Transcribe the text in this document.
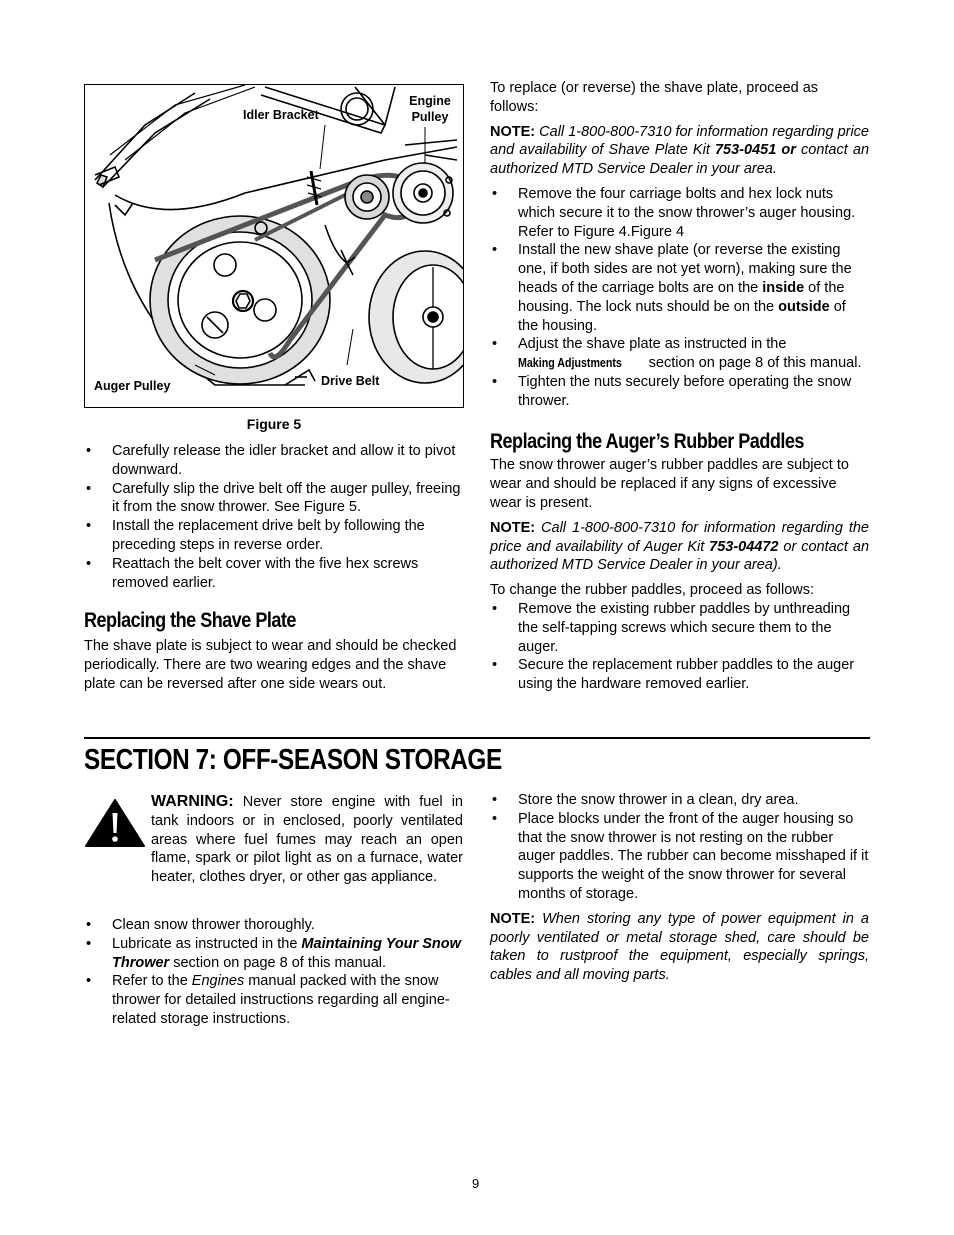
Idler Bracket
Engine Pulley
Auger Pulley	Drive Belt
Figure 5
• Carefully release the idler bracket and allow it to pivot downward.
• Carefully slip the drive belt off the auger pulley, freeing it from the snow thrower. See Figure 5.
• Install the replacement drive belt by following the preceding steps in reverse order.
• Reattach the belt cover with the five hex screws removed earlier.
Replacing the Shave Plate

The shave plate is subject to wear and should be checked periodically. There are two wearing edges and the shave plate can be reversed after one side wears out.

To replace (or reverse) the shave plate, proceed as follows:

NOTE: Call 1-800-800-7310 for information regarding price and availability of Shave Plate Kit 753-0451 or contact an authorized MTD Service Dealer in your area.

• Remove the four carriage bolts and hex lock nuts which secure it to the snow thrower’s auger housing. Refer to Figure 4.Figure 4
• Install the new shave plate (or reverse the existing one, if both sides are not yet worn), making sure the heads of the carriage bolts are on the inside of the housing. The lock nuts should be on the outside of the housing.
• Adjust the shave plate as instructed in the Making Adjustments section on page 8 of this manual.
• Tighten the nuts securely before operating the snow thrower.
Replacing the Auger’s Rubber Paddles

The snow thrower auger’s rubber paddles are subject to wear and should be replaced if any signs of excessive wear is present.

NOTE: Call 1-800-800-7310 for information regarding the price and availability of Auger Kit 753-04472 or contact an authorized MTD Service Dealer in your area).

To change the rubber paddles, proceed as follows:

• Remove the existing rubber paddles by unthreading the self-tapping screws which secure them to the auger.
• Secure the replacement rubber paddles to the auger using the hardware removed earlier.
SECTION 7: OFF-SEASON STORAGE
WARNING: Never store engine with fuel in tank indoors or in enclosed, poorly ventilated areas where fuel fumes may reach an open flame, spark or pilot light as on a furnace, water heater, clothes dryer, or other gas appliance.
• Clean snow thrower thoroughly.
• Lubricate as instructed in the Maintaining Your Snow Thrower section on page 8 of this manual.
• Refer to the Engines manual packed with the snow thrower for detailed instructions regarding all engine-related storage instructions.
• Store the snow thrower in a clean, dry area.
• Place blocks under the front of the auger housing so that the snow thrower is not resting on the rubber auger paddles. The rubber can become misshaped if it supports the weight of the snow thrower for several months of storage.

NOTE: When storing any type of power equipment in a poorly ventilated or metal storage shed, care should be taken to rustproof the equipment, especially springs, cables and all moving parts.

9
